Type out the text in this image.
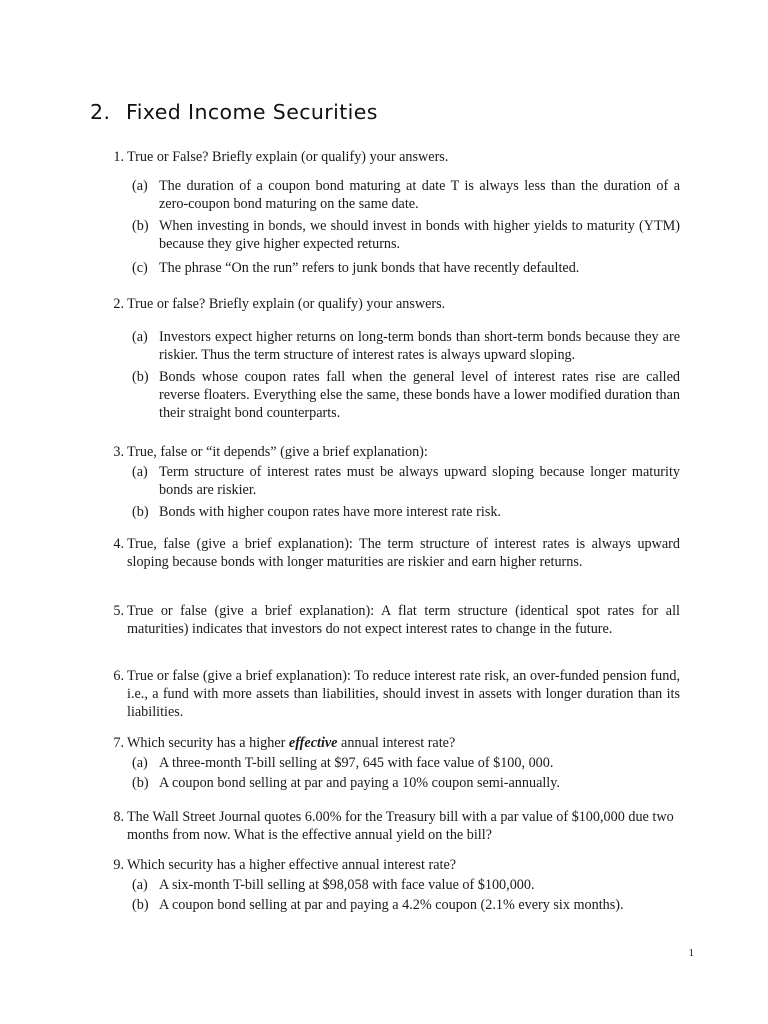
2. Fixed Income Securities
1. True or False? Briefly explain (or qualify) your answers.
(a) The duration of a coupon bond maturing at date T is always less than the duration of a zero-coupon bond maturing on the same date.
(b) When investing in bonds, we should invest in bonds with higher yields to maturity (YTM) because they give higher expected returns.
(c) The phrase “On the run” refers to junk bonds that have recently defaulted.
2. True or false? Briefly explain (or qualify) your answers.
(a) Investors expect higher returns on long-term bonds than short-term bonds because they are riskier. Thus the term structure of interest rates is always upward sloping.
(b) Bonds whose coupon rates fall when the general level of interest rates rise are called reverse floaters. Everything else the same, these bonds have a lower modified duration than their straight bond counterparts.
3. True, false or “it depends” (give a brief explanation):
(a) Term structure of interest rates must be always upward sloping because longer maturity bonds are riskier.
(b) Bonds with higher coupon rates have more interest rate risk.
4. True, false (give a brief explanation): The term structure of interest rates is always upward sloping because bonds with longer maturities are riskier and earn higher returns.
5. True or false (give a brief explanation): A flat term structure (identical spot rates for all maturities) indicates that investors do not expect interest rates to change in the future.
6. True or false (give a brief explanation): To reduce interest rate risk, an over-funded pension fund, i.e., a fund with more assets than liabilities, should invest in assets with longer duration than its liabilities.
7. Which security has a higher effective annual interest rate?
(a) A three-month T-bill selling at $97, 645 with face value of $100, 000.
(b) A coupon bond selling at par and paying a 10% coupon semi-annually.
8. The Wall Street Journal quotes 6.00% for the Treasury bill with a par value of $100,000 due two months from now. What is the effective annual yield on the bill?
9. Which security has a higher effective annual interest rate?
(a) A six-month T-bill selling at $98,058 with face value of $100,000.
(b) A coupon bond selling at par and paying a 4.2% coupon (2.1% every six months).
1
